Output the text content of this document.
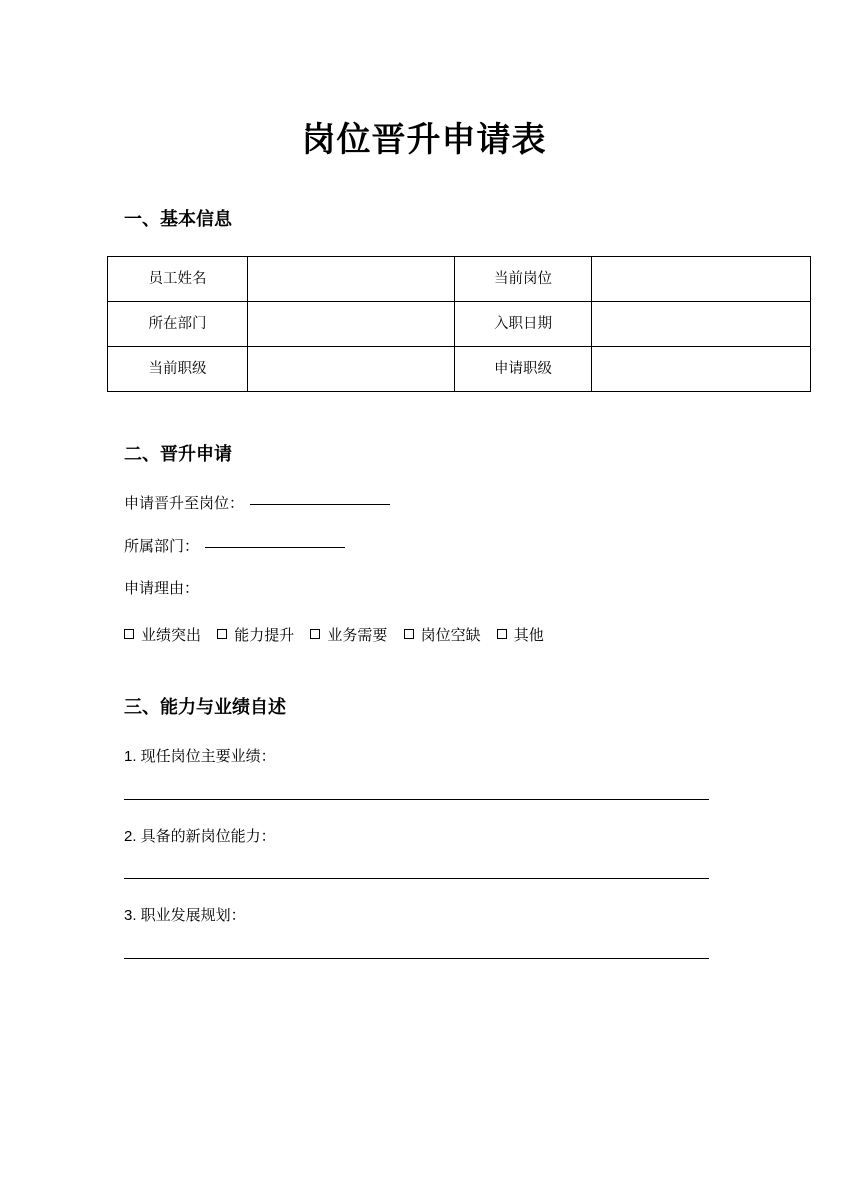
岗位晋升申请表
一、基本信息
员工姓名		当前岗位	
所在部门		入职日期	
当前职级		申请职级	
二、晋升申请
申请晋升至岗位：
所属部门：
申请理由：
业绩突出 能力提升 业务需要 岗位空缺 其他
三、能力与业绩自述
1. 现任岗位主要业绩：
2. 具备的新岗位能力：
3. 职业发展规划：
